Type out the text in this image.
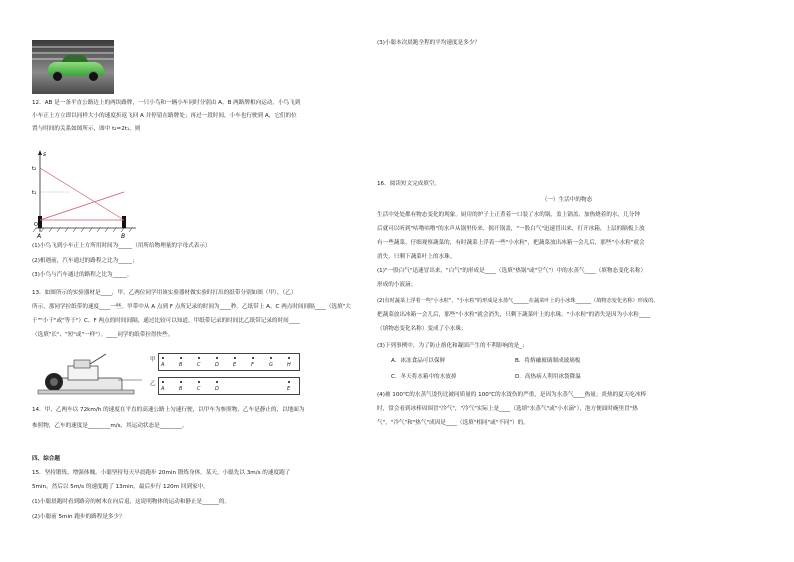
12．AB 是一条平直公路边上的两块路牌，一只小鸟和一辆小车同时分别由 A、B 两路牌相向运动，小鸟飞到
小车正上方立即以同样大小的速度折返飞回 A 并停留在路牌处；再过一段时间，小车也行驶到 A，它们的位
置与时间的关系如图所示，图中 t₂=2t₁，则
s
t₂
t₁
O
A	B
(1)小鸟飞到小车正上方所用时间为_____（用所给物理量的字母式表示）
(2)相遇前，汽车通过的路程之比为_____；
(3)小鸟与汽车通过的路程之比为_____。
13．如图所示的实验器材是____，甲、乙两位同学用该实验器材做实验时打出的纸带分别如图（甲）、（乙）
所示，那同学拉纸带的速度____一些。甲带中从 A 点到 F 点所记录的时间为____秒。乙纸带上 A、C 两点时间间隔____（选填"大
于""小于"或"等于"）C、F 两点的时间间隔，通过比较可以知道，甲纸带记录的时间比乙纸带记录的时间____
（选填"长"、"短"或"一样"）。____同学的纸带拉得快些。
甲
A	B	C	D	E	F	G	H
乙
A	B	C	D	E
14．甲、乙两车以 72km/h 的速度在平直的高速公路上匀速行驶，以甲车为参照物，乙车是静止的，以地面为
参照物，乙车的速度是________m/s，其运动状态是________。
四、综合题
15．坚持锻炼，增强体魄。小聪坚持每天早晨跑步 20min 锻炼身体。某天，小聪先以 3m/s 的速度跑了
5min，然后以 5m/s 的速度跑了 13min，最后步行 120m 回到家中。
(1)小聪晨跑时看到路旁的树木在向后退，这说明物体的运动和静止是______的。
(2)小聪前 5min 跑步的路程是多少？
(3)小聪本次晨跑全程的平均速度是多少？
16．阅读短文完成填空。
（一）生活中的物态
生活中处处都有物态变化的现象。厨房的炉子上正煮着一口装了水的锅，盖上锅盖，加热烧着的水，几分钟
后就可以听到"咕噜咕噜"的水声从锅里传来，揭开锅盖，"一股白气"迅速冒出来，打开冰箱，上层的隔板上放
有一些蔬菜，仔细观察蔬菜的，有时蔬菜上浮着一些"小水粒"，把蔬菜放出冰箱一会儿后，那些"小水粒"就会
消失，只剩下蔬菜叶上的水珠。
(1)"一股白气"迅速冒出来，"白气"的形成是____（选填"热锅"或"空气"）中的水蒸气____（填物态变化名称）
形成的小液滴；
(2)有时蔬菜上浮着一些"小水粒"，"小水粒"的形成是水蒸气______在蔬菜叶上的小冰珠______（填物态变化名称）形成的。
把蔬菜放出冰箱一会儿后，那些"小水粒"就会消失，只剩下蔬菜叶上的水珠。"小水粒"的消失是因为小水粒____
（填物态变化名称）变成了小水珠；
(3)下列事例中，为了防止熔化和凝固产生的不利影响的是_；
A．冰冻食品可以保鲜	B．将熔融玻璃制成玻璃板
C．冬天将水箱中的水放掉	D．高热病人利用冰袋降温
(4)被 100℃的水蒸气烫伤比被同质量的 100℃的水烫伤的严重，是因为水蒸气____热量；炎热的夏天吃冰棒
时，常会看到冰棒周围冒"冷气"，"冷气"实际上是____（选填"水蒸气"或"小水滴"），泡方便面时碗里冒"热
气"，"冷气"和"热气"成因是____（选填"相同"或"不同"）的。
